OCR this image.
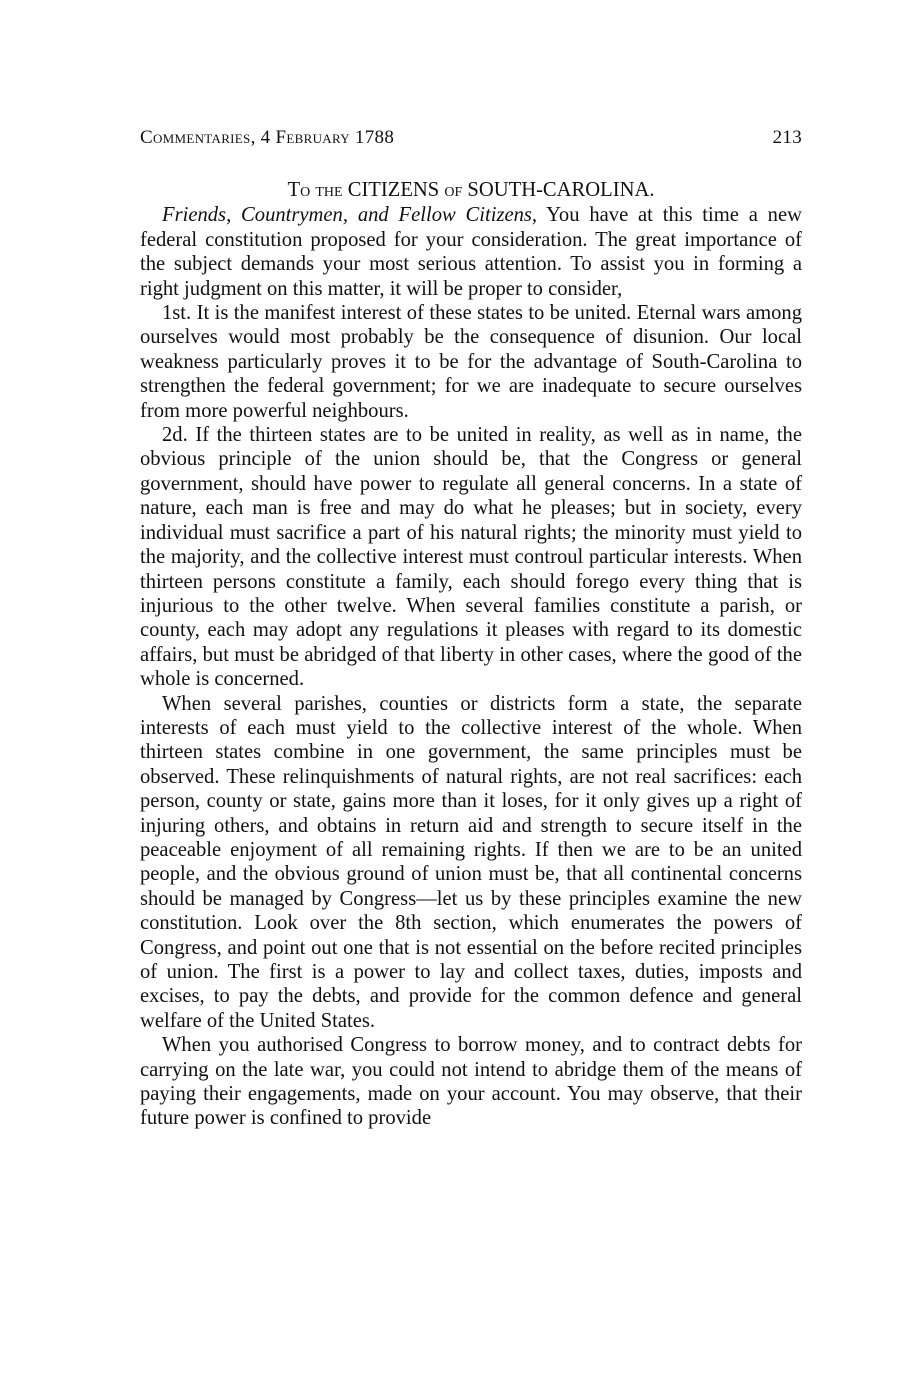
Commentaries, 4 February 1788	213
To the CITIZENS of SOUTH-CAROLINA.

Friends, Countrymen, and Fellow Citizens, You have at this time a new federal constitution proposed for your consideration. The great importance of the subject demands your most serious attention. To assist you in forming a right judgment on this matter, it will be proper to consider,

1st. It is the manifest interest of these states to be united. Eternal wars among ourselves would most probably be the consequence of disunion. Our local weakness particularly proves it to be for the advantage of South-Carolina to strengthen the federal government; for we are inadequate to secure ourselves from more powerful neighbours.

2d. If the thirteen states are to be united in reality, as well as in name, the obvious principle of the union should be, that the Congress or general government, should have power to regulate all general concerns. In a state of nature, each man is free and may do what he pleases; but in society, every individual must sacrifice a part of his natural rights; the minority must yield to the majority, and the collective interest must controul particular interests. When thirteen persons constitute a family, each should forego every thing that is injurious to the other twelve. When several families constitute a parish, or county, each may adopt any regulations it pleases with regard to its domestic affairs, but must be abridged of that liberty in other cases, where the good of the whole is concerned.

When several parishes, counties or districts form a state, the separate interests of each must yield to the collective interest of the whole. When thirteen states combine in one government, the same principles must be observed. These relinquishments of natural rights, are not real sacrifices: each person, county or state, gains more than it loses, for it only gives up a right of injuring others, and obtains in return aid and strength to secure itself in the peaceable enjoyment of all remaining rights. If then we are to be an united people, and the obvious ground of union must be, that all continental concerns should be managed by Congress—let us by these principles examine the new constitution. Look over the 8th section, which enumerates the powers of Congress, and point out one that is not essential on the before recited principles of union. The first is a power to lay and collect taxes, duties, imposts and excises, to pay the debts, and provide for the common defence and general welfare of the United States.

When you authorised Congress to borrow money, and to contract debts for carrying on the late war, you could not intend to abridge them of the means of paying their engagements, made on your account. You may observe, that their future power is confined to provide
